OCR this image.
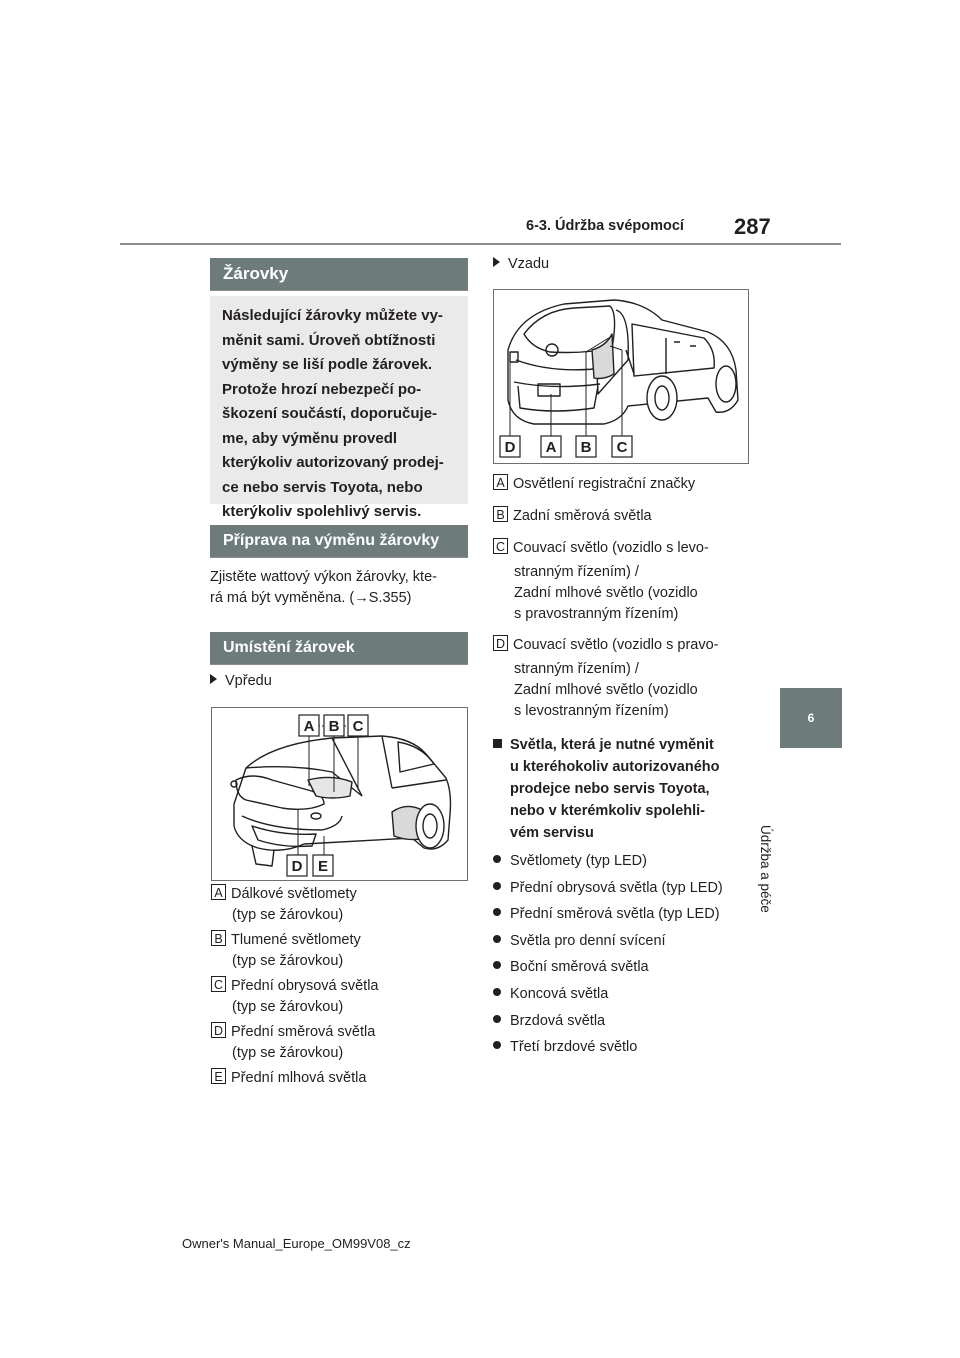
6-3. Údržba svépomocí 287
6
Údržba a péče
Žárovky
Následující žárovky můžete vy-
měnit sami. Úroveň obtížnosti
výměny se liší podle žárovek.
Protože hrozí nebezpečí po-
škození součástí, doporučuje-
me, aby výměnu provedl
kterýkoliv autorizovaný prodej-
ce nebo servis Toyota, nebo
kterýkoliv spolehlivý servis.
Příprava na výměnu žárovky
Zjistěte wattový výkon žárovky, kte-
rá má být vyměněna. (→S.355)
Umístění žárovek
Vpředu
A B C
D E
A Dálkové světlomety
(typ se žárovkou)
B Tlumené světlomety
(typ se žárovkou)
C Přední obrysová světla
(typ se žárovkou)
D Přední směrová světla
(typ se žárovkou)
E Přední mlhová světla
Vzadu
D A B C
A Osvětlení registrační značky
B Zadní směrová světla
C Couvací světlo (vozidlo s levo-
stranným řízením) /
Zadní mlhové světlo (vozidlo
s pravostranným řízením)
D Couvací světlo (vozidlo s pravo-
stranným řízením) /
Zadní mlhové světlo (vozidlo
s levostranným řízením)
Světla, která je nutné vyměnit
u kteréhokoliv autorizovaného
prodejce nebo servis Toyota,
nebo v kterémkoliv spolehli-
vém servisu
Světlomety (typ LED)
Přední obrysová světla (typ LED)
Přední směrová světla (typ LED)
Světla pro denní svícení
Boční směrová světla
Koncová světla
Brzdová světla
Třetí brzdové světlo
Owner's Manual_Europe_OM99V08_cz
